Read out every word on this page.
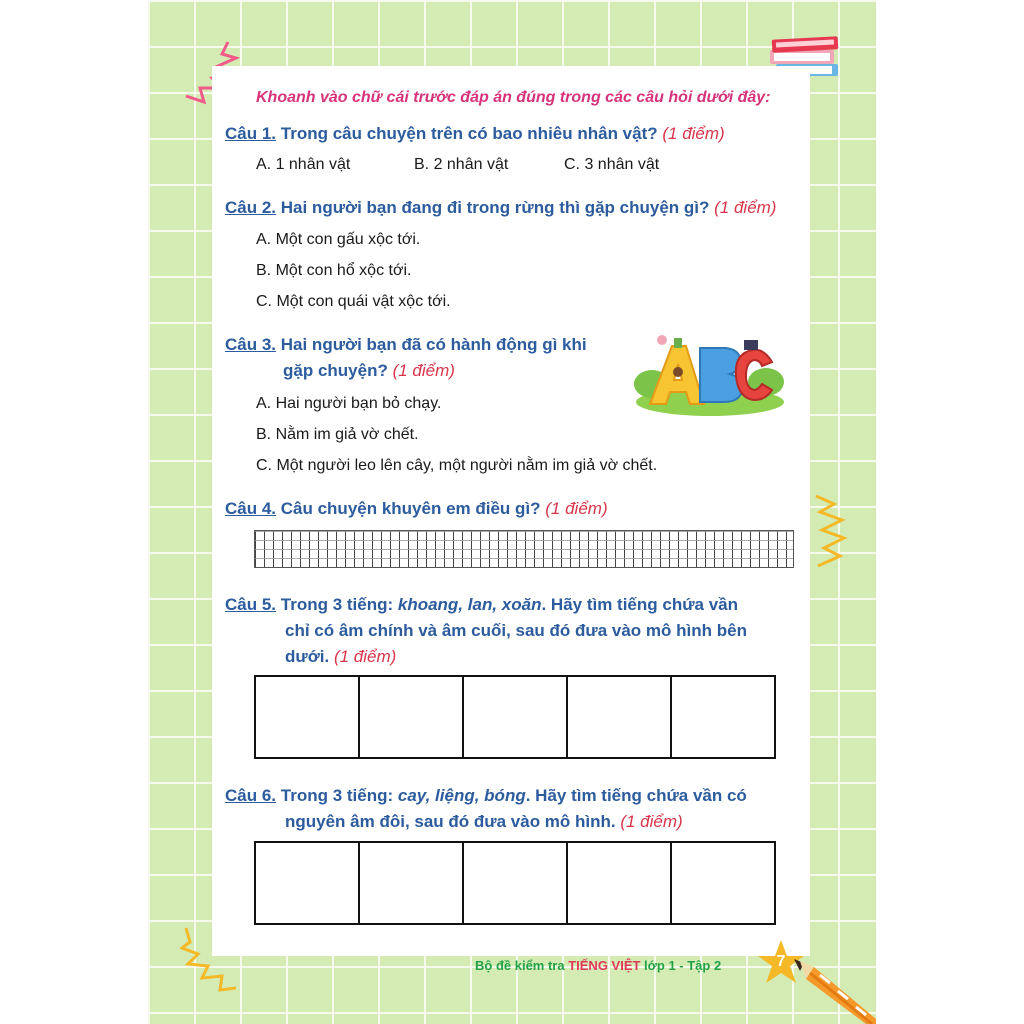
Khoanh vào chữ cái trước đáp án đúng trong các câu hỏi dưới đây:
Câu 1. Trong câu chuyện trên có bao nhiêu nhân vật? (1 điểm)
A. 1 nhân vật	B. 2 nhân vật	C. 3 nhân vật
Câu 2. Hai người bạn đang đi trong rừng thì gặp chuyện gì? (1 điểm)
A. Một con gấu xộc tới.
B. Một con hổ xộc tới.
C. Một con quái vật xộc tới.
Câu 3. Hai người bạn đã có hành động gì khi
gặp chuyện? (1 điểm)
A. Hai người bạn bỏ chạy.
B. Nằm im giả vờ chết.
C. Một người leo lên cây, một người nằm im giả vờ chết.
Câu 4. Câu chuyện khuyên em điều gì? (1 điểm)
Câu 5. Trong 3 tiếng: khoang, lan, xoăn. Hãy tìm tiếng chứa vần
chỉ có âm chính và âm cuối, sau đó đưa vào mô hình bên
dưới. (1 điểm)
Câu 6. Trong 3 tiếng: cay, liệng, bóng. Hãy tìm tiếng chứa vần có
nguyên âm đôi, sau đó đưa vào mô hình. (1 điểm)
Bộ đề kiểm tra TIẾNG VIỆT lớp 1 - Tập 2	7
